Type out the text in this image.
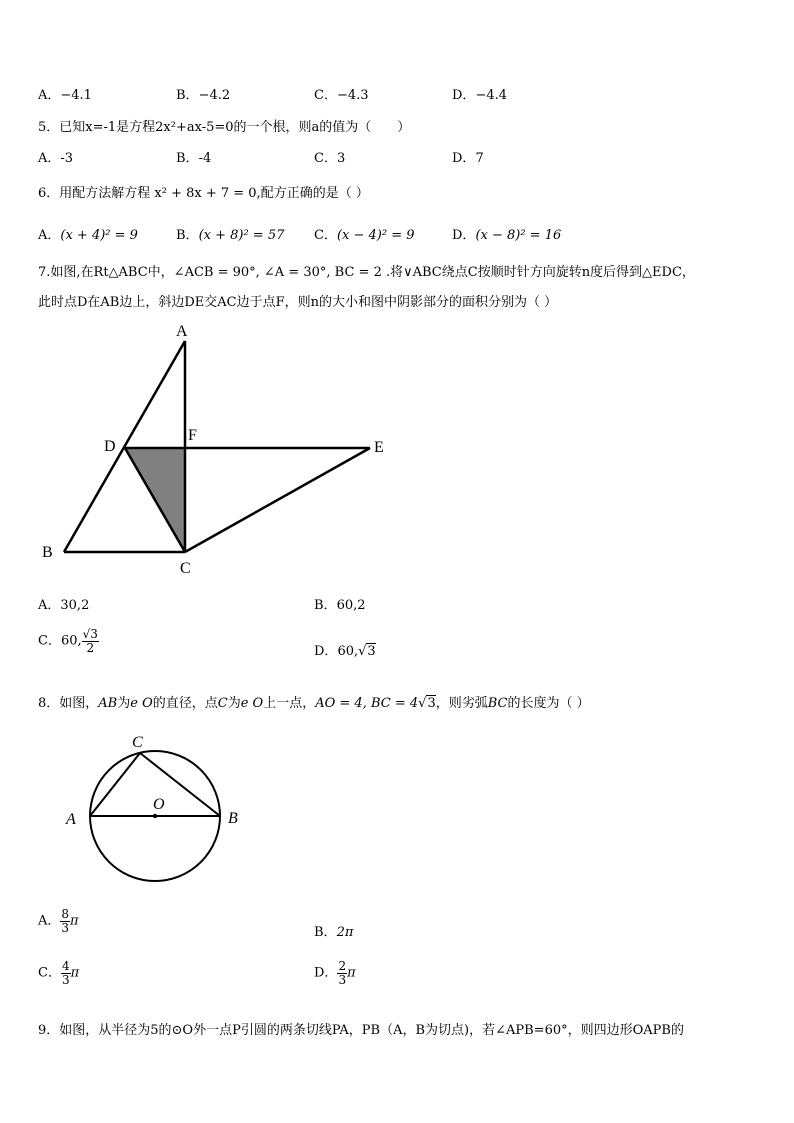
A．−4.1	B．−4.2	C．−4.3	D．−4.4
5．已知x=-1是方程2x²+ax-5=0的一个根，则a的值为（　　）
A．-3	B．-4	C．3	D．7
6．用配方法解方程 x² + 8x + 7 = 0,配方正确的是（ ）
A．(x + 4)² = 9	B．(x + 8)² = 57 C．(x − 4)² = 9	D．(x − 8)² = 16
7.如图,在Rt△ABC中，∠ACB = 90°, ∠A = 30°, BC = 2 .将∨ABC绕点C按顺时针方向旋转n度后得到△EDC，
此时点D在AB边上，斜边DE交AC边于点F，则n的大小和图中阴影部分的面积分别为（ ）
A
B
C
D	E
F
A．30,2	B．60,2
C．60, $\frac{√3}{2}$	D．60,√3
8．如图，AB为e O的直径，点C为e O上一点，AO = 4, BC = 4√3，则劣弧BC的长度为（ ）
A	B
C
O
A． $\frac{8}{3}$ π
B．2π
C． $\frac{4}{3}$ π	D． $\frac{2}{3}$ π
9．如图，从半径为5的⊙O外一点P引圆的两条切线PA，PB（A，B为切点)，若∠APB=60°，则四边形OAPB的
